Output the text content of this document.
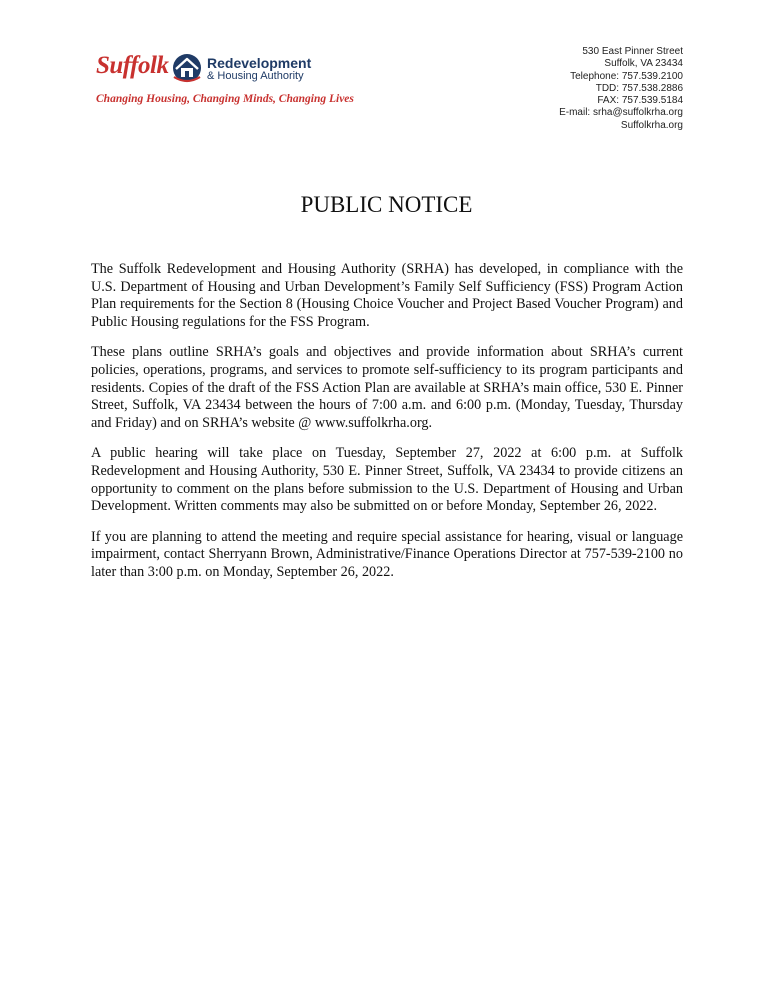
Suffolk	Redevelopment
& Housing Authority
Changing Housing, Changing Minds, Changing Lives
530 East Pinner Street
Suffolk, VA 23434
Telephone: 757.539.2100
TDD: 757.538.2886
FAX: 757.539.5184
E-mail: srha@suffolkrha.org
Suffolkrha.org
PUBLIC NOTICE

The Suffolk Redevelopment and Housing Authority (SRHA) has developed, in compliance with the U.S. Department of Housing and Urban Development’s Family Self Sufficiency (FSS) Program Action Plan requirements for the Section 8 (Housing Choice Voucher and Project Based Voucher Program) and Public Housing regulations for the FSS Program.

These plans outline SRHA’s goals and objectives and provide information about SRHA’s current policies, operations, programs, and services to promote self-sufficiency to its program participants and residents. Copies of the draft of the FSS Action Plan are available at SRHA’s main office, 530 E. Pinner Street, Suffolk, VA 23434 between the hours of 7:00 a.m. and 6:00 p.m. (Monday, Tuesday, Thursday and Friday) and on SRHA’s website @ www.suffolkrha.org.

A public hearing will take place on Tuesday, September 27, 2022 at 6:00 p.m. at Suffolk Redevelopment and Housing Authority, 530 E. Pinner Street, Suffolk, VA 23434 to provide citizens an opportunity to comment on the plans before submission to the U.S. Department of Housing and Urban Development. Written comments may also be submitted on or before Monday, September 26, 2022.

If you are planning to attend the meeting and require special assistance for hearing, visual or language impairment, contact Sherryann Brown, Administrative/Finance Operations Director at 757-539-2100 no later than 3:00 p.m. on Monday, September 26, 2022.
